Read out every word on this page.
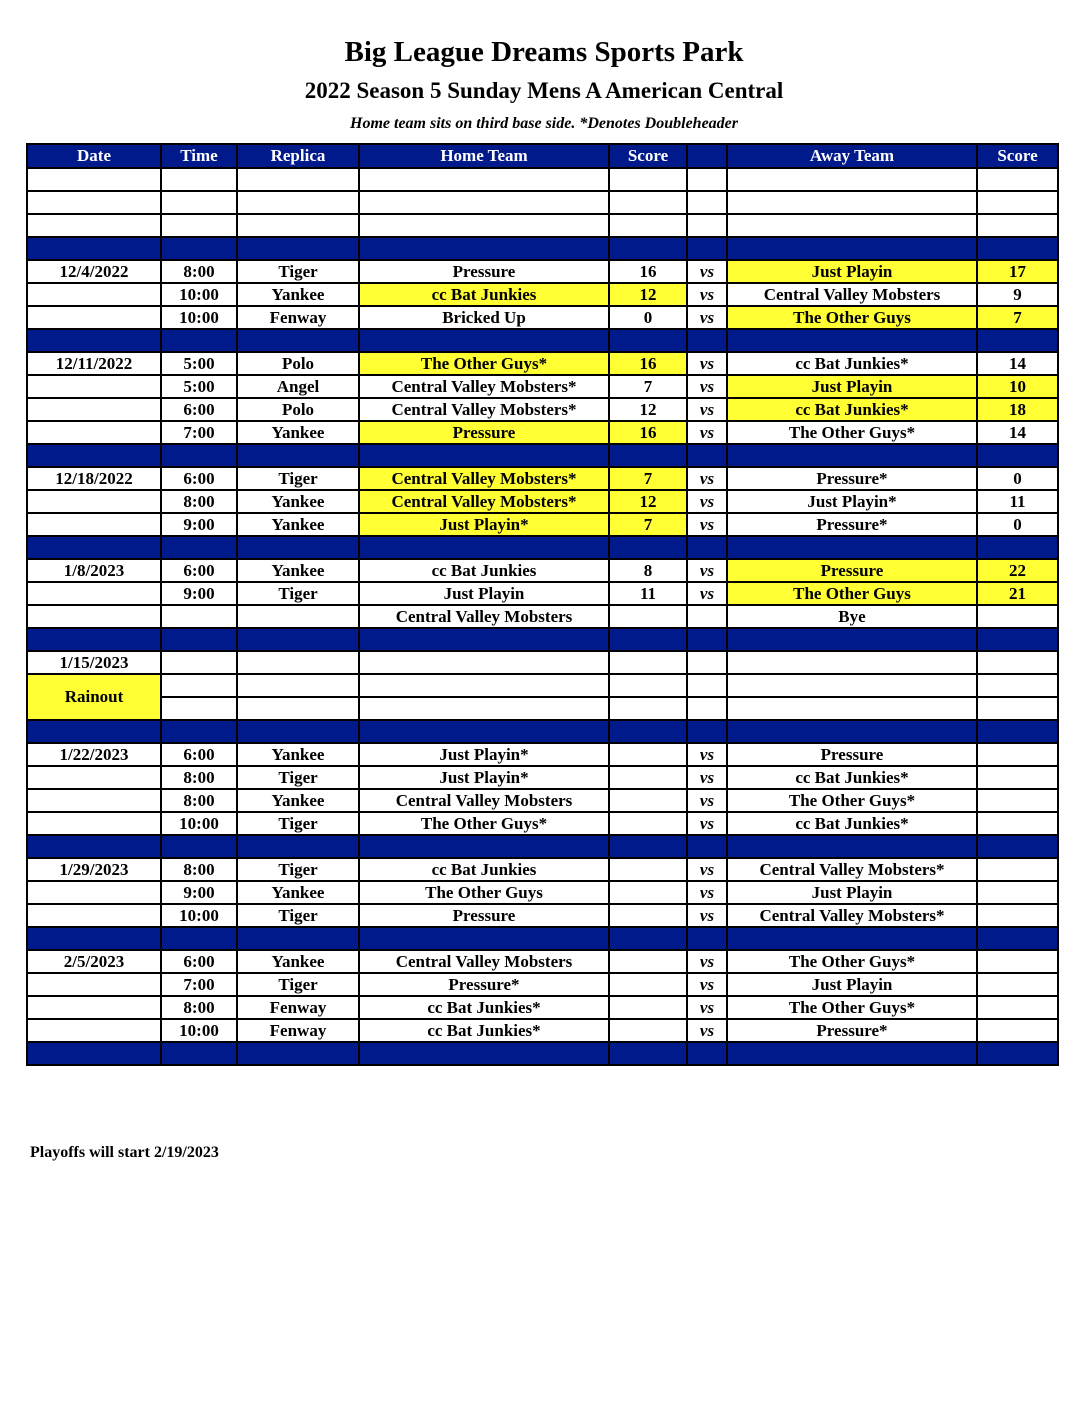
Big League Dreams Sports Park
2022 Season 5 Sunday Mens A American Central
Home team sits on third base side. *Denotes Doubleheader
Date	Time	Replica	Home Team	Score		Away Team	Score

12/4/2022	8:00	Tiger	Pressure	16	vs	Just Playin	17
	10:00	Yankee	cc Bat Junkies	12	vs	Central Valley Mobsters	9
	10:00	Fenway	Bricked Up	0	vs	The Other Guys	7

12/11/2022	5:00	Polo	The Other Guys*	16	vs	cc Bat Junkies*	14
	5:00	Angel	Central Valley Mobsters*	7	vs	Just Playin	10
	6:00	Polo	Central Valley Mobsters*	12	vs	cc Bat Junkies*	18
	7:00	Yankee	Pressure	16	vs	The Other Guys*	14

12/18/2022	6:00	Tiger	Central Valley Mobsters*	7	vs	Pressure*	0
	8:00	Yankee	Central Valley Mobsters*	12	vs	Just Playin*	11
	9:00	Yankee	Just Playin*	7	vs	Pressure*	0

1/8/2023	6:00	Yankee	cc Bat Junkies	8	vs	Pressure	22
	9:00	Tiger	Just Playin	11	vs	The Other Guys	21
			Central Valley Mobsters			Bye	

1/15/2023							
Rainout							

1/22/2023	6:00	Yankee	Just Playin*		vs	Pressure	
	8:00	Tiger	Just Playin*		vs	cc Bat Junkies*	
	8:00	Yankee	Central Valley Mobsters		vs	The Other Guys*	
	10:00	Tiger	The Other Guys*		vs	cc Bat Junkies*	

1/29/2023	8:00	Tiger	cc Bat Junkies		vs	Central Valley Mobsters*	
	9:00	Yankee	The Other Guys		vs	Just Playin	
	10:00	Tiger	Pressure		vs	Central Valley Mobsters*	

2/5/2023	6:00	Yankee	Central Valley Mobsters		vs	The Other Guys*	
	7:00	Tiger	Pressure*		vs	Just Playin	
	8:00	Fenway	cc Bat Junkies*		vs	The Other Guys*	
	10:00	Fenway	cc Bat Junkies*		vs	Pressure*	

Playoffs will start 2/19/2023
